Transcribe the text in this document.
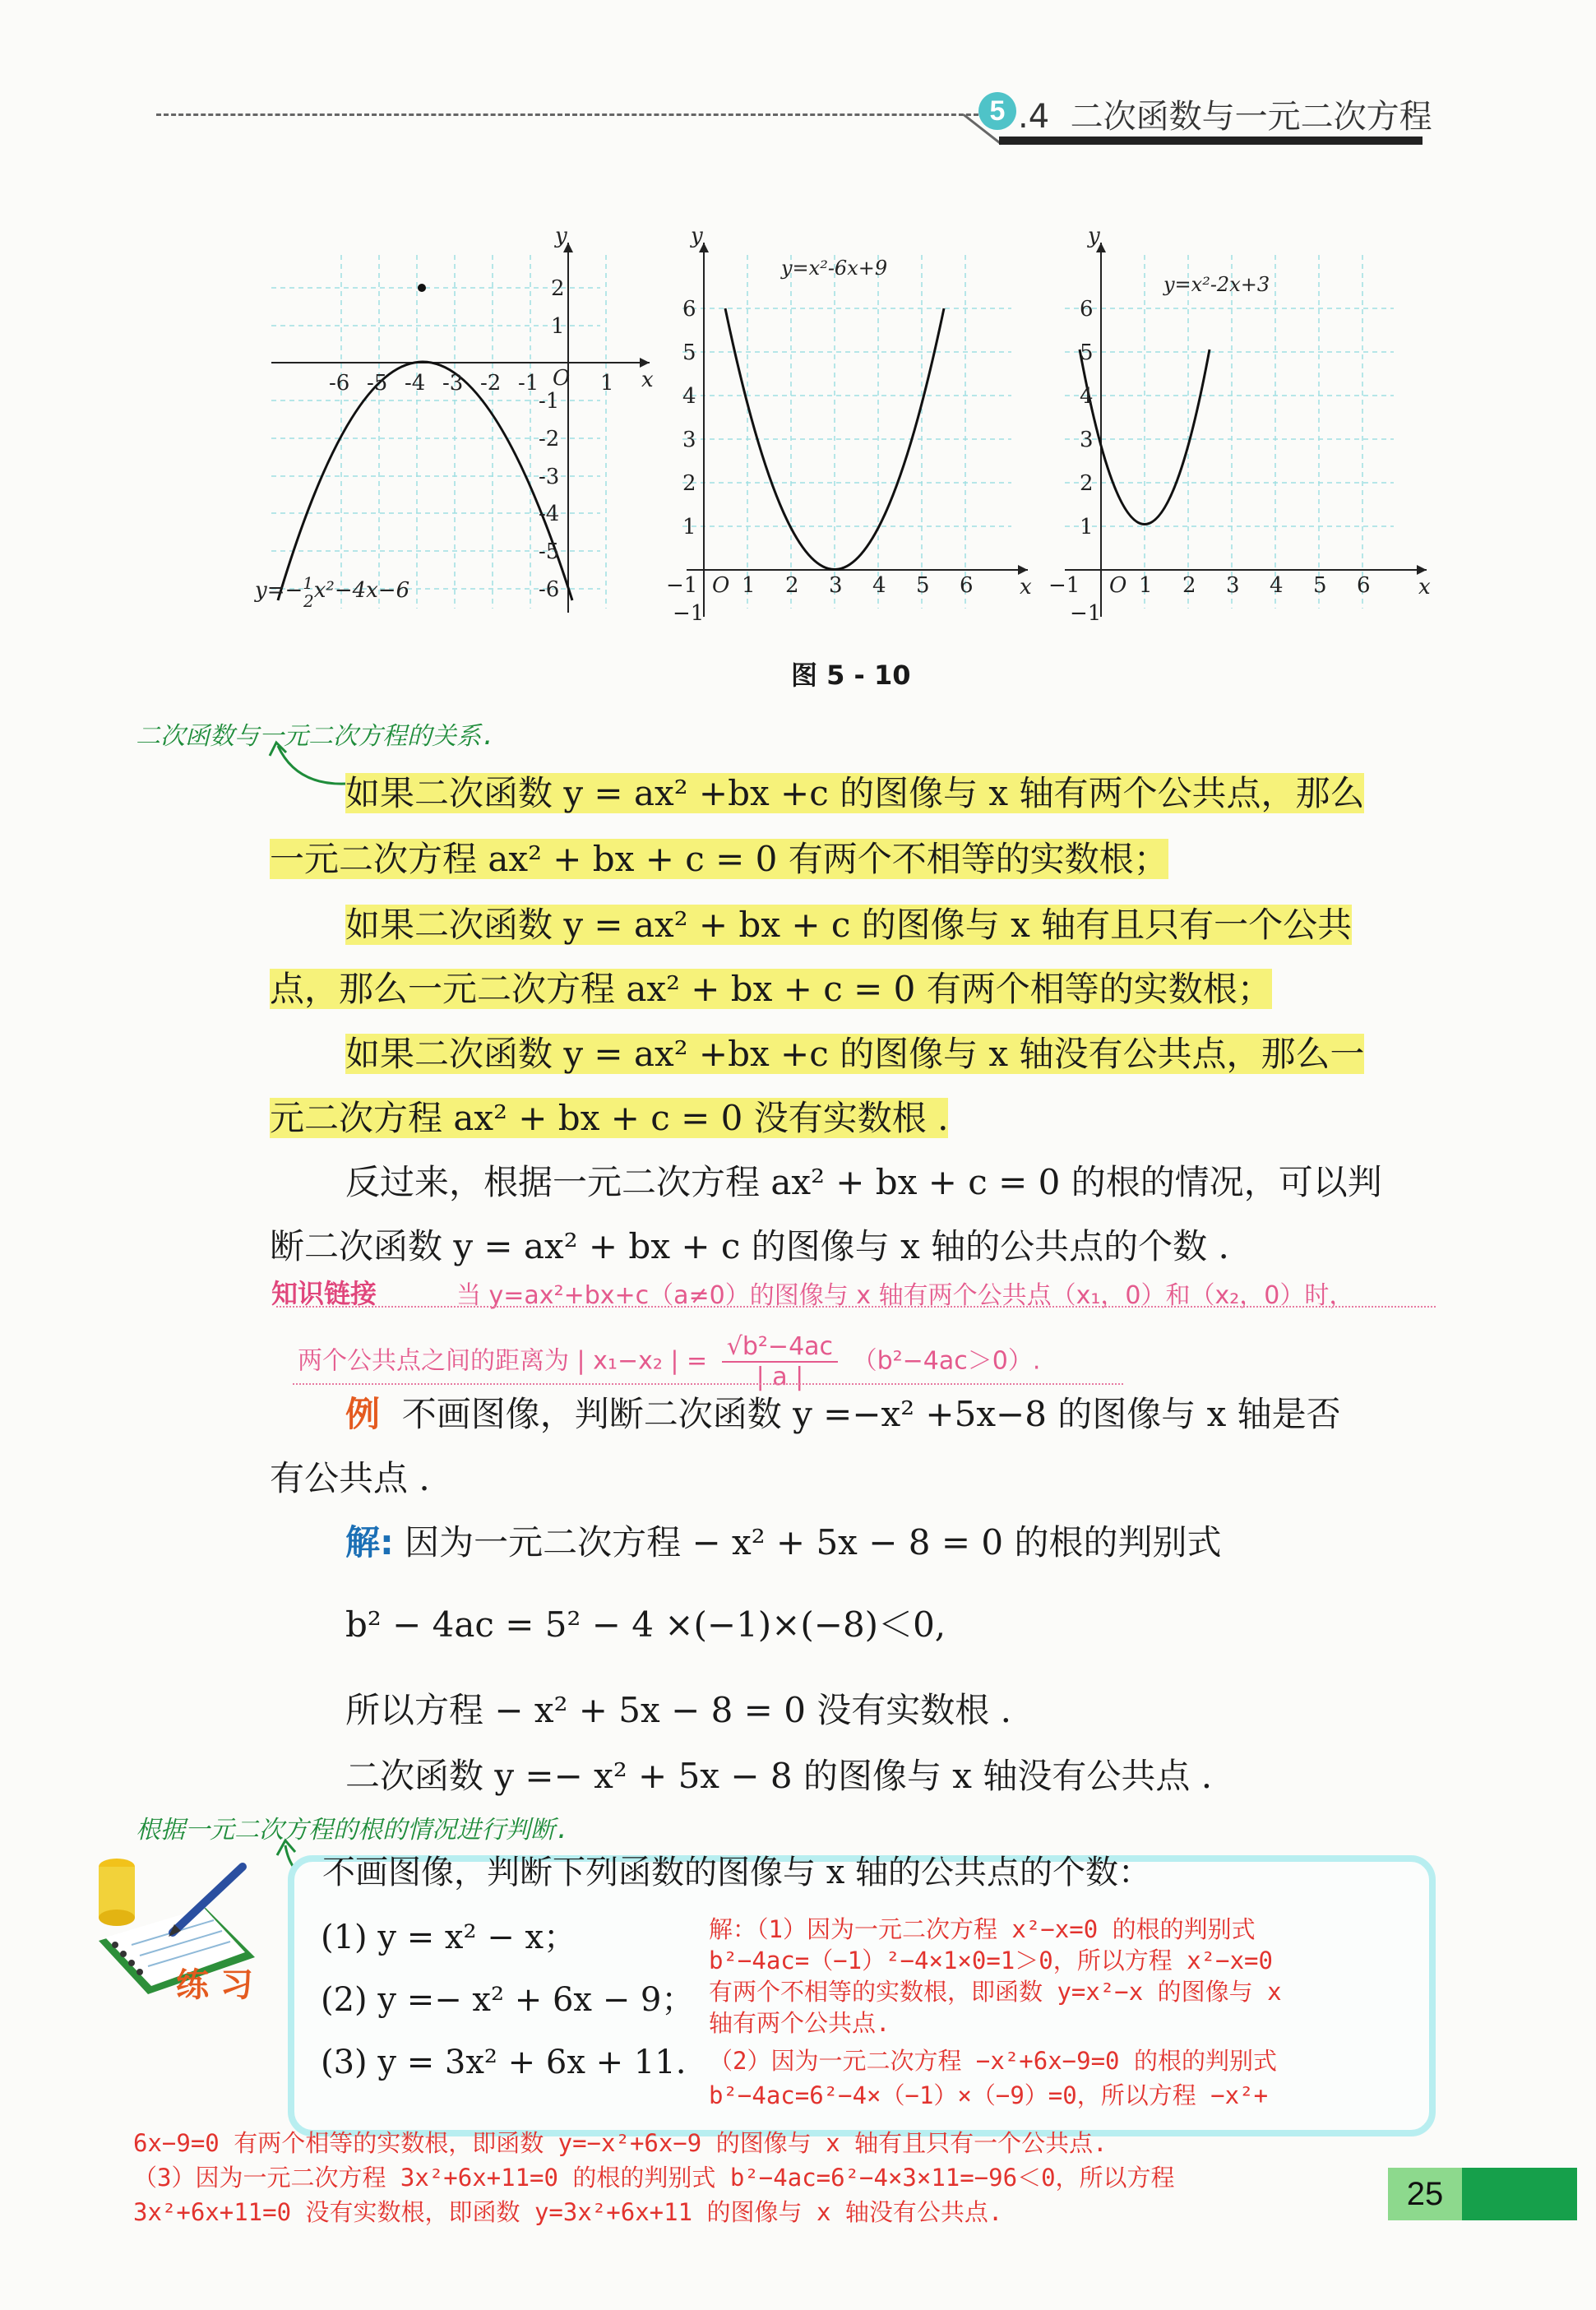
5 .4 二次函数与一元二次方程
x
y
O
-6 -5 -4 -3 -2 -1	1
2
1
-1
-2
-3
-4
-5
-6
y=−$^1$ 2x²−4x−6	x
y
O
y=x²-6x+9
−1 1 2 3 4 5 6
6
5
4
3
2
1
−1
x
y
O
y=x²-2x+3
−1	1 2 3 4 5 6
6
5
4
3
2
1
−1
图 5 - 10
二次函数与一元二次方程的关系.
如果二次函数 y = ax² +bx +c 的图像与 x 轴有两个公共点，那么
一元二次方程 ax² + bx + c = 0 有两个不相等的实数根；
如果二次函数 y = ax² + bx + c 的图像与 x 轴有且只有一个公共
点，那么一元二次方程 ax² + bx + c = 0 有两个相等的实数根；
如果二次函数 y = ax² +bx +c 的图像与 x 轴没有公共点，那么一
元二次方程 ax² + bx + c = 0 没有实数根 .
反过来，根据一元二次方程 ax² + bx + c = 0 的根的情况，可以判
断二次函数 y = ax² + bx + c 的图像与 x 轴的公共点的个数 .
知识链接	当 y=ax²+bx+c（a≠0）的图像与 x 轴有两个公共点（x₁，0）和（x₂，0）时，
两个公共点之间的距离为 | x₁−x₂ | = $\frac{\text{√b²−4ac}}{| a |} (b^2-4ac>0)$.
例 不画图像，判断二次函数 y =−x² +5x−8 的图像与 x 轴是否
有公共点 .
解: 因为一元二次方程 − x² + 5x − 8 = 0 的根的判别式
b² − 4ac = 5² − 4 ×(−1)×(−8)＜0,
所以方程 − x² + 5x − 8 = 0 没有实数根 .
二次函数 y =− x² + 5x − 8 的图像与 x 轴没有公共点 .
根据一元二次方程的根的情况进行判断.
练 习
不画图像，判断下列函数的图像与 x 轴的公共点的个数：
(1) y = x² − x；
(2) y =− x² + 6x − 9；
(3) y = 3x² + 6x + 11.
解：（1）因为一元二次方程 x²−x=0 的根的判别式
b²−4ac=（−1）²−4×1×0=1＞0，所以方程 x²−x=0
有两个不相等的实数根，即函数 y=x²−x 的图像与 x
轴有两个公共点.
（2）因为一元二次方程 −x²+6x−9=0 的根的判别式
b²−4ac=6²−4×（−1）×（−9）=0，所以方程 −x²+
6x−9=0 有两个相等的实数根，即函数 y=−x²+6x−9 的图像与 x 轴有且只有一个公共点.
（3）因为一元二次方程 3x²+6x+11=0 的根的判别式 b²−4ac=6²−4×3×11=−96＜0，所以方程
3x²+6x+11=0 没有实数根，即函数 y=3x²+6x+11 的图像与 x 轴没有公共点.	25
